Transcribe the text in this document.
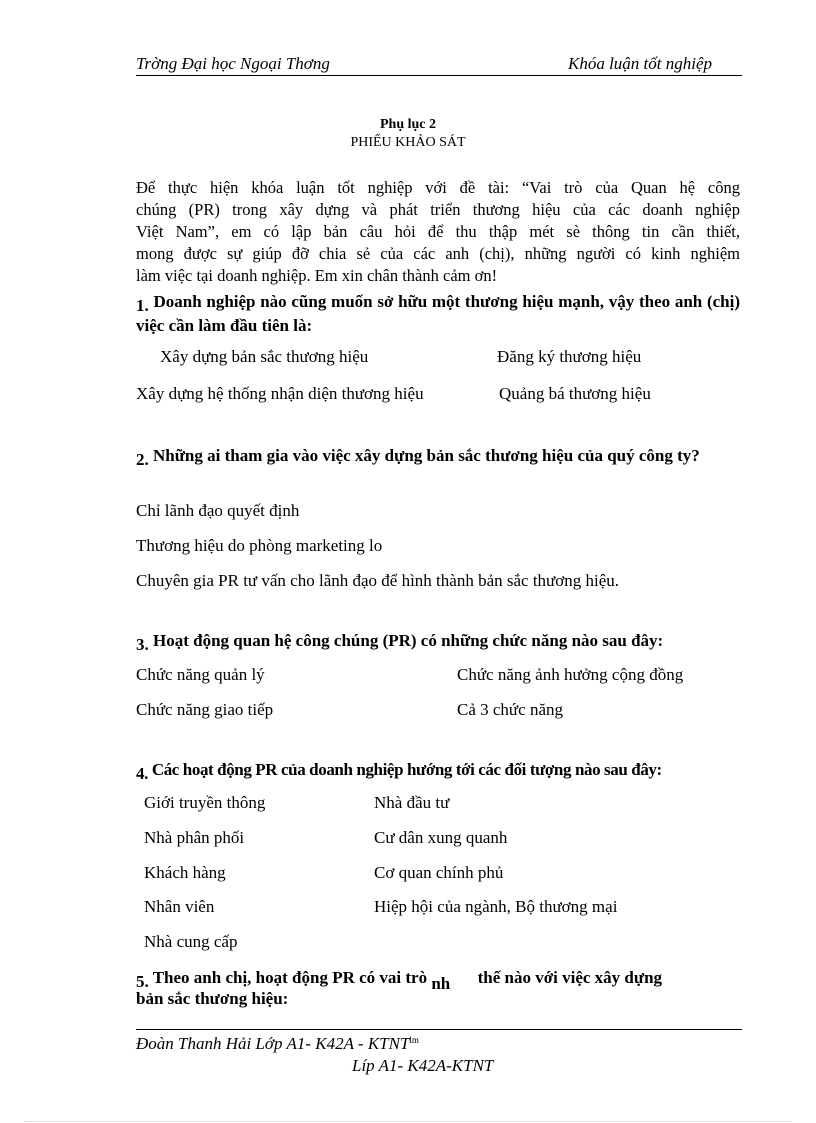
Trờng Đại học Ngoại Thơng	Khóa luận tốt nghiệp
Phụ lục 2
PHIẾU KHẢO SÁT
Để thực hiện khóa luận tốt nghiệp với đề tài: “Vai trò của Quan hệ công
chúng (PR) trong xây dựng và phát triển thương hiệu của các doanh nghiệp
Việt Nam”, em có lập bản câu hỏi để thu thập mét sè thông tin cần thiết,
mong được sự giúp đỡ chia sẻ của các anh (chị), những người có kinh nghiệm
làm việc tại doanh nghiệp. Em xin chân thành cảm ơn!
1. Doanh nghiệp nào cũng muốn sở hữu một thương hiệu mạnh, vậy theo anh (chị) việc cần làm đầu tiên là:
Xây dựng bản sắc thương hiệu	Đăng ký thương hiệu
Xây dựng hệ thống nhận diện thương hiệu	Quảng bá thương hiệu
2. Những ai tham gia vào việc xây dựng bản sắc thương hiệu của quý công ty?
Chỉ lãnh đạo quyết định
Thương hiệu do phòng marketing lo
Chuyên gia PR tư vấn cho lãnh đạo để hình thành bản sắc thương hiệu.
3. Hoạt động quan hệ công chúng (PR) có những chức năng nào sau đây:
Chức năng quản lý	Chức năng ảnh hưởng cộng đồng
Chức năng giao tiếp	Cả 3 chức năng
4. Các hoạt động PR của doanh nghiệp hướng tới các đối tượng nào sau đây:
Giới truyền thông	Nhà đầu tư
Nhà phân phối	Cư dân xung quanh
Khách hàng	Cơ quan chính phủ
Nhân viên	Hiệp hội của ngành, Bộ thương mại
Nhà cung cấp
5. Theo anh chị, hoạt động PR có vai trò nh thế nào với việc xây dựng
bản sắc thương hiệu:
Đoàn Thanh Hải Lớp A1- $K42A - KTNT^{lm}$
Líp A1- K42A-KTNT
